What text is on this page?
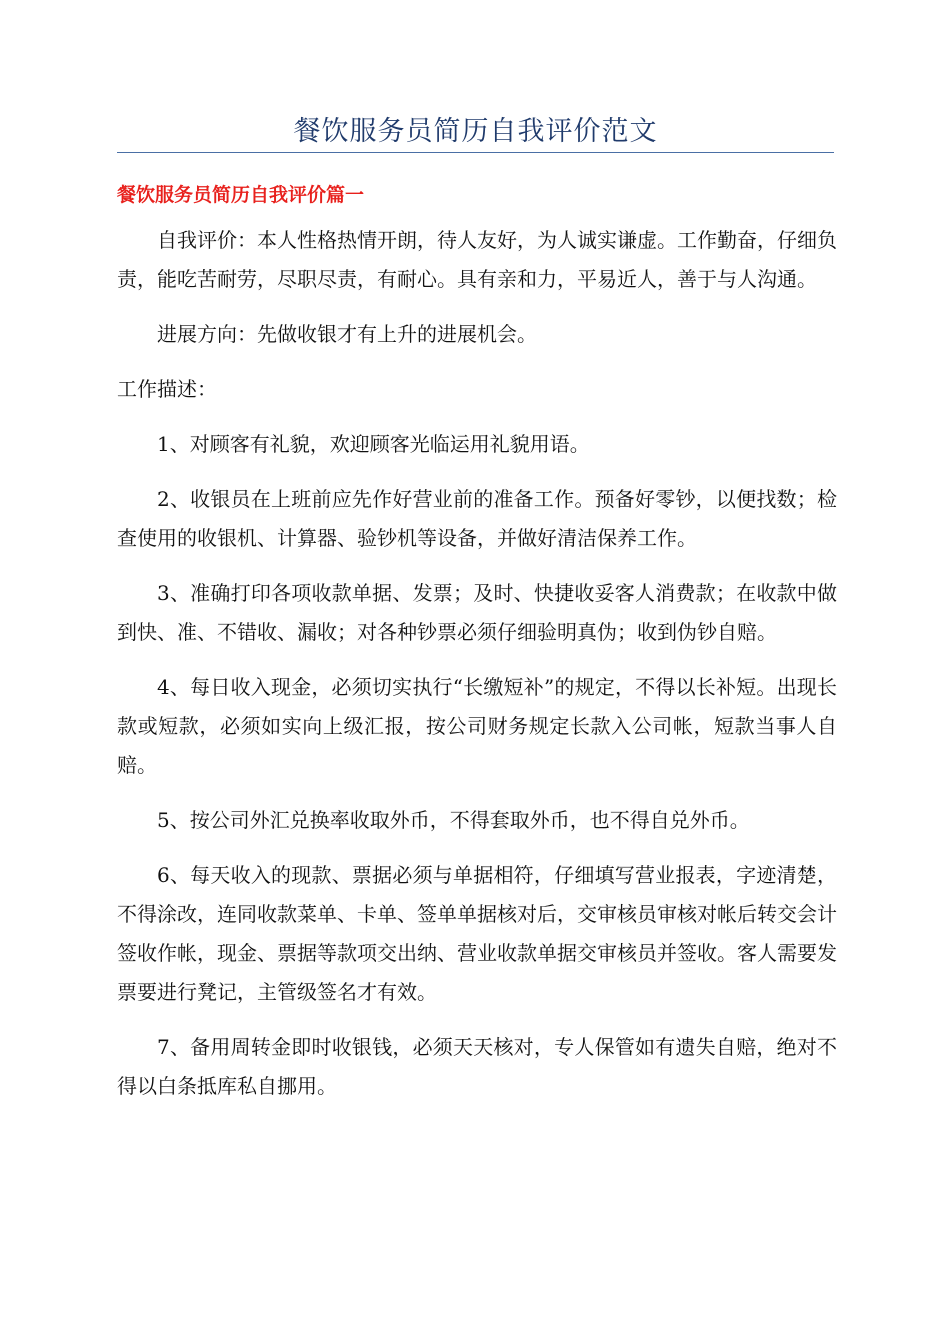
餐饮服务员简历自我评价范文
餐饮服务员简历自我评价篇一

自我评价：本人性格热情开朗，待人友好，为人诚实谦虚。工作勤奋，仔细负责，能吃苦耐劳，尽职尽责，有耐心。具有亲和力，平易近人，善于与人沟通。

进展方向：先做收银才有上升的进展机会。

工作描述：

1、对顾客有礼貌，欢迎顾客光临运用礼貌用语。

2、收银员在上班前应先作好营业前的准备工作。预备好零钞，以便找数；检查使用的收银机、计算器、验钞机等设备，并做好清洁保养工作。

3、准确打印各项收款单据、发票；及时、快捷收妥客人消费款；在收款中做到快、准、不错收、漏收；对各种钞票必须仔细验明真伪；收到伪钞自赔。

4、每日收入现金，必须切实执行“长缴短补”的规定，不得以长补短。出现长款或短款，必须如实向上级汇报，按公司财务规定长款入公司帐，短款当事人自赔。

5、按公司外汇兑换率收取外币，不得套取外币，也不得自兑外币。

6、每天收入的现款、票据必须与单据相符，仔细填写营业报表，字迹清楚，不得涂改，连同收款菜单、卡单、签单单据核对后，交审核员审核对帐后转交会计签收作帐，现金、票据等款项交出纳、营业收款单据交审核员并签收。客人需要发票要进行凳记，主管级签名才有效。

7、备用周转金即时收银钱，必须天天核对，专人保管如有遗失自赔，绝对不得以白条抵库私自挪用。
